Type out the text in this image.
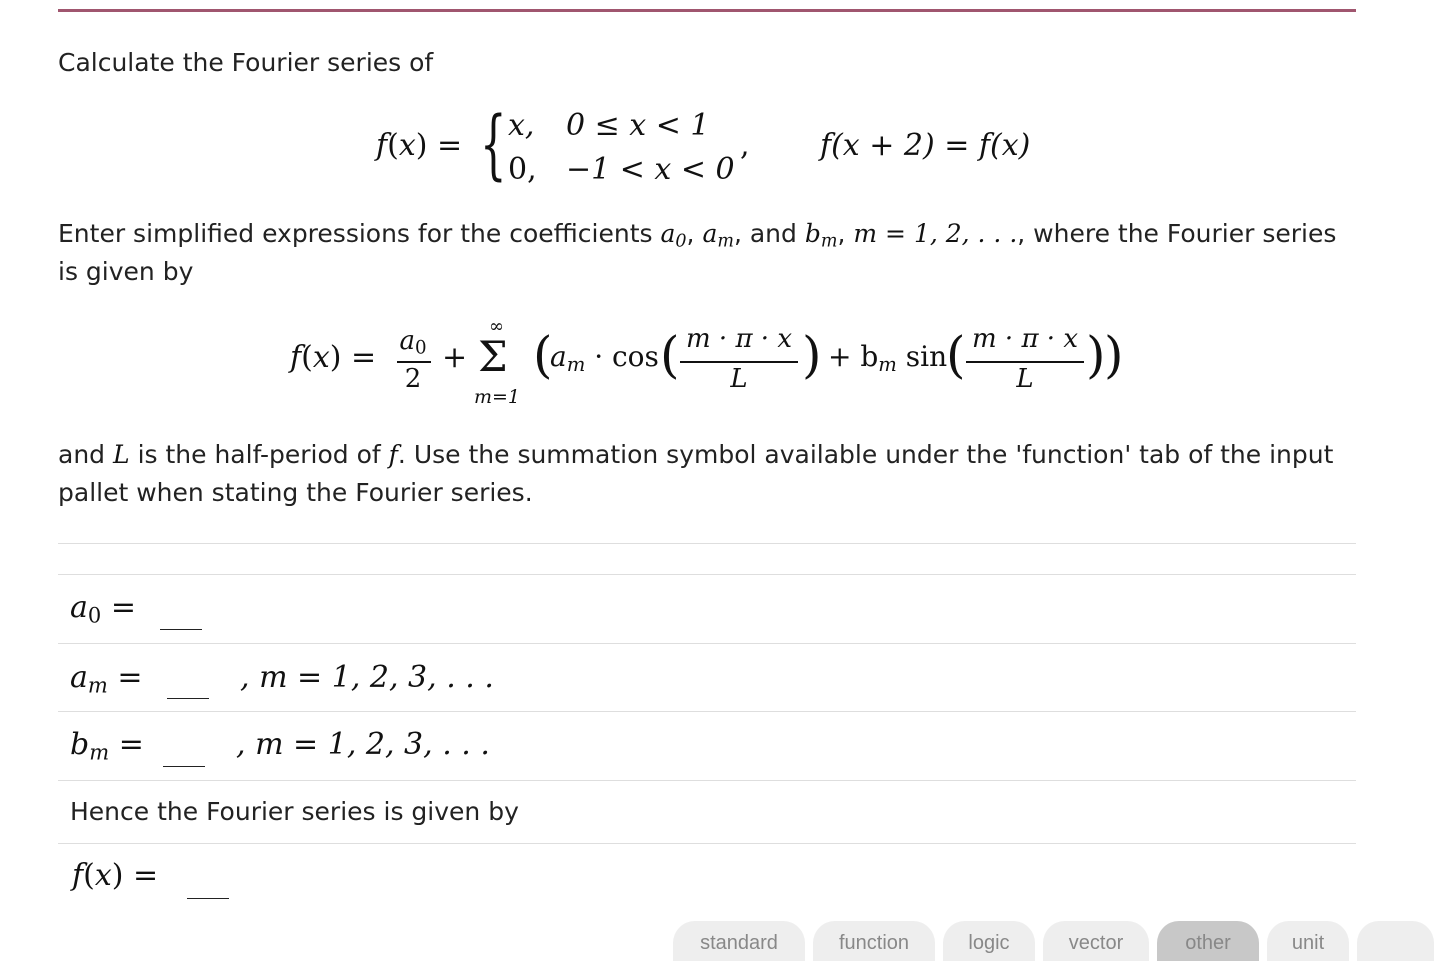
Calculate the Fourier series of
f(x) = { x, 0 ≤ x < 1
0, −1 < x < 0
, f(x + 2) = f(x)
Enter simplified expressions for the coefficients $a_0$, $a_m$, and $b_m$, m = 1, 2, . . ., where the Fourier series
is given by
$f(x) = a_0$
2
+
∞
Σ
m=1
(
$a_m \cdot \cos$ ( m · π · x
L	) + $b_m$ sin
( m · π · x
L	)
)
and L is the half-period of f. Use the summation symbol available under the 'function' tab of the input
pallet when stating the Fourier series.
$a_0$ =
$a_m$ =	, m = 1, 2, 3, . . .
$b_m$ =	, m = 1, 2, 3, . . .
Hence the Fourier series is given by
f(x) =
standard	function	logic	vector	other	unit
